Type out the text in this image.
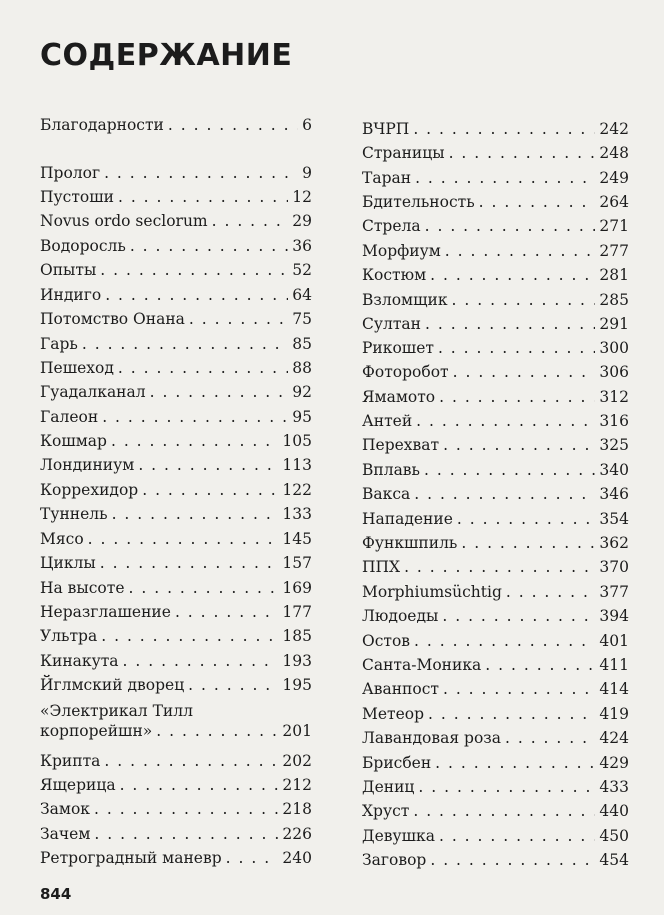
СОДЕРЖАНИЕ
Благодарности . . .	6
Пролог . . .	9
Пустоши . . .	12
Novus ordo seclorum . . .	29
Водоросль . . .	36
Опыты . . .	52
Индиго . . .	64
Потомство Онана . . .	75
Гарь . . .	85
Пешеход . . .	88
Гуадалканал . . .	92
Галеон . . .	95
Кошмар . . .	105
Лондиниум . . .	113
Коррехидор . . .	122
Туннель . . .	133
Мясо . . .	145
Циклы . . .	157
На высоте . . .	169
Неразглашение . . .	177
Ультра . . .	185
Кинакута . . .	193
Йглмский дворец . . .	195
«Электрикал Тилл
корпорейшн» . . .	201
Крипта . . .	202
Ящерица . . .	212
Замок . . .	218
Зачем . . .	226
Ретроградный маневр . . .	240
ВЧРП . . .	242
Страницы . . .	248
Таран . . .	249
Бдительность . . .	264
Стрела . . .	271
Морфиум . . .	277
Костюм . . .	281
Взломщик . . .	285
Султан . . .	291
Рикошет . . .	300
Фоторобот . . .	306
Ямамото . . .	312
Антей . . .	316
Перехват . . .	325
Вплавь . . .	340
Вакса . . .	346
Нападение . . .	354
Функшпиль . . .	362
ППХ . . .	370
Morphiumsüchtig . . .	377
Людоеды . . .	394
Остов . . .	401
Санта-Моника . . .	411
Аванпост . . .	414
Метеор . . .	419
Лавандовая роза . . .	424
Брисбен . . .	429
Дениц . . .	433
Хруст . . .	440
Девушка . . .	450
Заговор . . .	454
844
